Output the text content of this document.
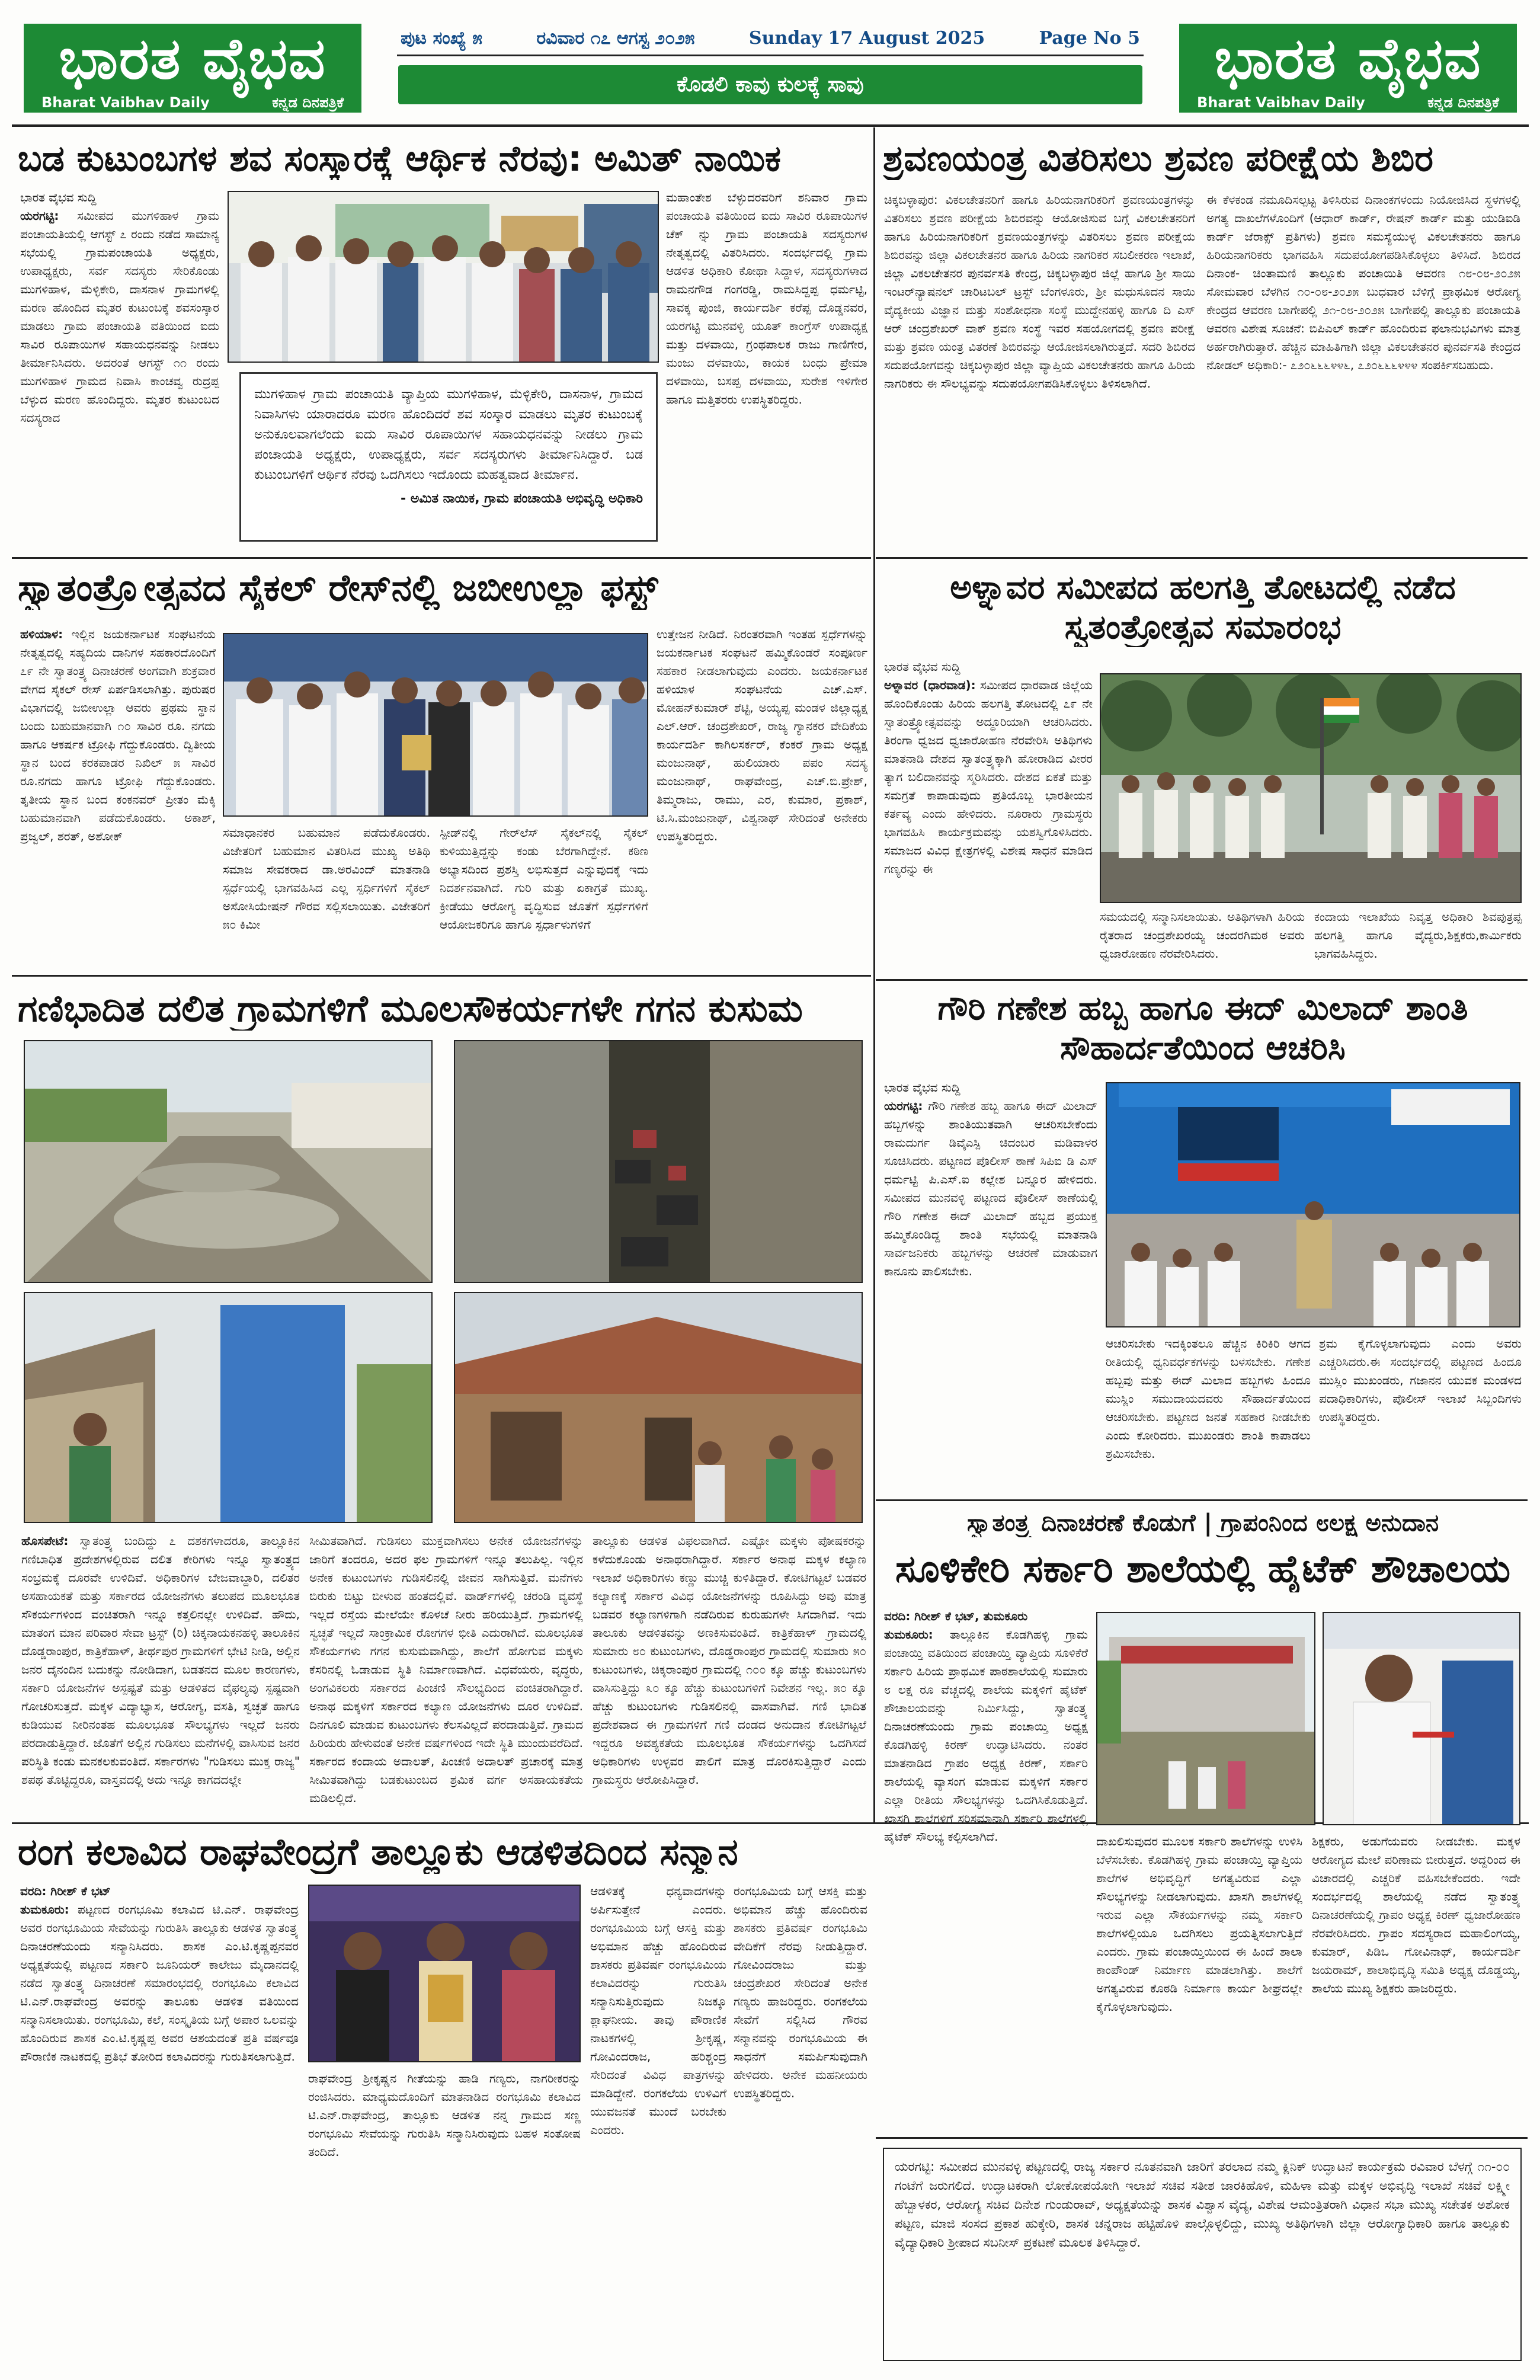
ಭಾರತ ವೈಭವ
Bharat Vaibhav Daily	ಕನ್ನಡ ದಿನಪತ್ರಿಕೆ
ಪುಟ ಸಂಖ್ಯೆ ೫	ರವಿವಾರ ೧೭ ಆಗಸ್ಟ ೨೦೨೫	Sunday 17 August 2025	Page No 5
ಕೊಡಲಿ ಕಾವು ಕುಲಕ್ಕೆ ಸಾವು	ಭಾರತ ವೈಭವ
Bharat Vaibhav Daily	ಕನ್ನಡ ದಿನಪತ್ರಿಕೆ
ಬಡ ಕುಟುಂಬಗಳ ಶವ ಸಂಸ್ಕಾರಕ್ಕೆ ಆರ್ಥಿಕ ನೆರವು: ಅಮಿತ್ ನಾಯಿಕ
ಭಾರತ ವೈಭವ ಸುದ್ದಿ
ಯರಗಟ್ಟಿ: ಸಮೀಪದ ಮುಗಳಿಹಾಳ ಗ್ರಾಮ ಪಂಚಾಯತಿಯಲ್ಲಿ ಆಗಸ್ಟ್ ೭ ರಂದು ನಡೆದ ಸಾಮಾನ್ಯ ಸಭೆಯಲ್ಲಿ ಗ್ರಾಮಪಂಚಾಯತಿ ಅಧ್ಯಕ್ಷರು, ಉಪಾಧ್ಯಕ್ಷರು, ಸರ್ವ ಸದಸ್ಯರು ಸೇರಿಕೊಂಡು ಮುಗಳಿಹಾಳ, ಮೆಳ್ಳಿಕೇರಿ, ದಾಸನಾಳ ಗ್ರಾಮಗಳಲ್ಲಿ ಮರಣ ಹೊಂದಿದ ಮೃತರ ಕುಟುಂಬಕ್ಕೆ ಶವಸಂಸ್ಕಾರ ಮಾಡಲು ಗ್ರಾಮ ಪಂಚಾಯತಿ ವತಿಯಿಂದ ಐದು ಸಾವಿರ ರೂಪಾಯಿಗಳ ಸಹಾಯಧನವನ್ನು ನೀಡಲು ತೀರ್ಮಾನಿಸಿದರು. ಅದರಂತೆ ಆಗಸ್ಟ್ ೧೧ ರಂದು ಮುಗಳಿಹಾಳ ಗ್ರಾಮದ ನಿವಾಸಿ ಕಾಂಚವ್ವ ರುದ್ರಪ್ಪ ಬೆಳ್ಳುದ ಮರಣ ಹೊಂದಿದ್ದರು. ಮೃತರ ಕುಟುಂಬದ ಸದಸ್ಯರಾದ
ಮುಗಳಿಹಾಳ ಗ್ರಾಮ ಪಂಚಾಯತಿ ವ್ಯಾಪ್ತಿಯ ಮುಗಳಿಹಾಳ, ಮೆಳ್ಳಿಕೇರಿ, ದಾಸನಾಳ, ಗ್ರಾಮದ ನಿವಾಸಿಗಳು ಯಾರಾದರೂ ಮರಣ ಹೊಂದಿದರೆ ಶವ ಸಂಸ್ಕಾರ ಮಾಡಲು ಮೃತರ ಕುಟುಂಬಕ್ಕೆ ಅನುಕೂಲವಾಗಲೆಂದು ಐದು ಸಾವಿರ ರೂಪಾಯಿಗಳ ಸಹಾಯಧನವನ್ನು ನೀಡಲು ಗ್ರಾಮ ಪಂಚಾಯತಿ ಅಧ್ಯಕ್ಷರು, ಉಪಾಧ್ಯಕ್ಷರು, ಸರ್ವ ಸದಸ್ಯರುಗಳು ತೀರ್ಮಾನಿಸಿದ್ದಾರೆ. ಬಡ ಕುಟುಂಬಗಳಿಗೆ ಆರ್ಥಿಕ ನೆರವು ಒದಗಿಸಲು ಇದೊಂದು ಮಹತ್ವವಾದ ತೀರ್ಮಾನ.
- ಅಮಿತ ನಾಯಿಕ, ಗ್ರಾಮ ಪಂಚಾಯತಿ ಅಭಿವೃದ್ಧಿ ಅಧಿಕಾರಿ
ಮಹಾಂತೇಶ ಬೆಳ್ಳುದರವರಿಗೆ ಶನಿವಾರ ಗ್ರಾಮ ಪಂಚಾಯತಿ ವತಿಯಿಂದ ಐದು ಸಾವಿರ ರೂಪಾಯಿಗಳ ಚೆಕ್ ನ್ನು ಗ್ರಾಮ ಪಂಚಾಯತಿ ಸದಸ್ಯರುಗಳ ನೇತೃತ್ವದಲ್ಲಿ ವಿತರಿಸಿದರು. ಸಂದರ್ಭದಲ್ಲಿ ಗ್ರಾಮ ಆಡಳಿತ ಅಧಿಕಾರಿ ಕೋಥಾ ಸಿದ್ದಾಳ, ಸದಸ್ಯರುಗಳಾದ ರಾಮನಗೌಡ ಗಂಗರಡ್ಡಿ, ರಾಮಸಿದ್ದಪ್ಪ ಧರ್ಮಟ್ಟಿ, ಸಾವಕ್ಕ ಪುಂಜಿ, ಕಾರ್ಯದರ್ಶಿ ಕರೆಪ್ಪ ದೊಡ್ಡನವರ, ಯರಗಟ್ಟಿ ಮುನವಳ್ಳಿ ಯೂತ್ ಕಾಂಗ್ರೆಸ್ ಉಪಾಧ್ಯಕ್ಷ ಮತ್ತು ದಳವಾಯಿ, ಗ್ರಂಥಪಾಲಕ ರಾಜು ಗಾಣಿಗೇರ, ಮಂಜು ದಳವಾಯಿ, ಕಾಯಕ ಬಂಧು ಪ್ರೇಮಾ ದಳವಾಯಿ, ಬಸಪ್ಪ ದಳವಾಯಿ, ಸುರೇಶ ಇಳಿಗೇರ ಹಾಗೂ ಮತ್ತಿತರರು ಉಪಸ್ಥಿತರಿದ್ದರು.
ಶ್ರವಣಯಂತ್ರ ವಿತರಿಸಲು ಶ್ರವಣ ಪರೀಕ್ಷೆಯ ಶಿಬಿರ
ಚಿಕ್ಕಬಳ್ಳಾಪುರ: ವಿಕಲಚೇತನರಿಗೆ ಹಾಗೂ ಹಿರಿಯನಾಗರಿಕರಿಗೆ ಶ್ರವಣಯಂತ್ರಗಳನ್ನು ವಿತರಿಸಲು ಶ್ರವಣ ಪರೀಕ್ಷೆಯ ಶಿಬಿರವನ್ನು ಆಯೋಜಿಸುವ ಬಗ್ಗೆ ವಿಕಲಚೇತನರಿಗೆ ಹಾಗೂ ಹಿರಿಯನಾಗರಿಕರಿಗೆ ಶ್ರವಣಯಂತ್ರಗಳನ್ನು ವಿತರಿಸಲು ಶ್ರವಣ ಪರೀಕ್ಷೆಯ ಶಿಬಿರವನ್ನು ಜಿಲ್ಲಾ ವಿಕಲಚೇತನರ ಹಾಗೂ ಹಿರಿಯ ನಾಗರಿಕರ ಸಬಲೀಕರಣ ಇಲಾಖೆ, ಜಿಲ್ಲಾ ವಿಕಲಚೇತನರ ಪುನರ್ವಸತಿ ಕೇಂದ್ರ, ಚಿಕ್ಕಬಳ್ಳಾಪುರ ಜಿಲ್ಲೆ ಹಾಗೂ ಶ್ರೀ ಸಾಯಿ ಇಂಟರ್‌ನ್ಯಾಷನಲ್ ಚಾರಿಟಬಲ್ ಟ್ರಸ್ಟ್ ಬೆಂಗಳೂರು, ಶ್ರೀ ಮಧುಸೂದನ ಸಾಯಿ ವೈದ್ಯಕೀಯ ವಿಜ್ಞಾನ ಮತ್ತು ಸಂಶೋಧನಾ ಸಂಸ್ಥೆ ಮುದ್ದೇನಹಳ್ಳಿ ಹಾಗೂ ದಿ ಎಸ್ ಆರ್ ಚಂದ್ರಶೇಖರ್ ವಾಕ್ ಶ್ರವಣ ಸಂಸ್ಥೆ ಇವರ ಸಹಯೋಗದಲ್ಲಿ ಶ್ರವಣ ಪರೀಕ್ಷೆ ಮತ್ತು ಶ್ರವಣ ಯಂತ್ರ ವಿತರಣೆ ಶಿಬಿರವನ್ನು ಆಯೋಜಿಸಲಾಗಿರುತ್ತದೆ. ಸದರಿ ಶಿಬಿರದ ಸದುಪಯೋಗವನ್ನು ಚಿಕ್ಕಬಳ್ಳಾಪುರ ಜಿಲ್ಲಾ ವ್ಯಾಪ್ತಿಯ ವಿಕಲಚೇತನರು ಹಾಗೂ ಹಿರಿಯ ನಾಗರಿಕರು ಈ ಸೌಲಭ್ಯವನ್ನು ಸದುಪಯೋಗಪಡಿಸಿಕೊಳ್ಳಲು ತಿಳಿಸಲಾಗಿದೆ.
ಈ ಕೆಳಕಂಡ ನಮೂದಿಸಲ್ಪಟ್ಟ ತಿಳಿಸಿರುವ ದಿನಾಂಕಗಳಂದು ನಿಯೋಜಿಸಿದ ಸ್ಥಳಗಳಲ್ಲಿ ಅಗತ್ಯ ದಾಖಲೆಗಳೊಂದಿಗೆ (ಆಧಾರ್ ಕಾರ್ಡ್, ರೇಷನ್ ಕಾರ್ಡ್ ಮತ್ತು ಯುಡಿಐಡಿ ಕಾರ್ಡ್ ಜೆರಾಕ್ಸ್ ಪ್ರತಿಗಳು) ಶ್ರವಣ ಸಮಸ್ಯೆಯುಳ್ಳ ವಿಕಲಚೇತನರು ಹಾಗೂ ಹಿರಿಯನಾಗರಿಕರು ಭಾಗವಹಿಸಿ ಸದುಪಯೋಗಪಡಿಸಿಕೊಳ್ಳಲು ತಿಳಿಸಿದೆ. ಶಿಬಿರದ ದಿನಾಂಕ- ಚಿಂತಾಮಣಿ ತಾಲ್ಲೂಕು ಪಂಚಾಯಿತಿ ಆವರಣ ೧೮-೦೮-೨೦೨೫ ಸೋಮವಾರ ಬೆಳಗಿನ ೧೦-೦೮-೨೦೨೫ ಬುಧವಾರ ಬೆಳಿಗ್ಗೆ ಪ್ರಾಥಮಿಕ ಆರೋಗ್ಯ ಕೇಂದ್ರದ ಆವರಣ ಬಾಗೇಪಲ್ಲಿ ೨೧-೦೮-೨೦೨೫ ಬಾಗೇಪಲ್ಲಿ ತಾಲ್ಲೂಕು ಪಂಚಾಯತಿ ಆವರಣ ವಿಶೇಷ ಸೂಚನೆ: ಬಿಪಿಎಲ್ ಕಾರ್ಡ್ ಹೊಂದಿರುವ ಫಲಾನುಭವಿಗಳು ಮಾತ್ರ ಅರ್ಹರಾಗಿರುತ್ತಾರೆ. ಹೆಚ್ಚಿನ ಮಾಹಿತಿಗಾಗಿ ಜಿಲ್ಲಾ ವಿಕಲಚೇತನರ ಪುನರ್ವಸತಿ ಕೇಂದ್ರದ ನೋಡಲ್ ಅಧಿಕಾರಿ:- ೭೨೦೬೬೬೪೪೬, ೭೨೦೬೬೬೪೪೪ ಸಂಪರ್ಕಿಸಬಹುದು.
ಸ್ವಾತಂತ್ರ್ಯೋತ್ಸವದ ಸೈಕಲ್ ರೇಸ್‌ನಲ್ಲಿ ಜಬೀಉಲ್ಲಾ ಫಸ್ಟ್
ಹಳಿಯಾಳ: ಇಲ್ಲಿನ ಜಯಕರ್ನಾಟಕ ಸಂಘಟನೆಯ ನೇತೃತ್ವದಲ್ಲಿ ಸಹ್ಯದಿಯ ದಾನಿಗಳ ಸಹಕಾರದೊಂದಿಗೆ ೭೯ ನೇ ಸ್ವಾತಂತ್ರ್ಯ ದಿನಾಚರಣೆ ಅಂಗವಾಗಿ ಶುಕ್ರವಾರ ವೇಗದ ಸೈಕಲ್ ರೇಸ್ ಏರ್ಪಡಿಸಲಾಗಿತ್ತು. ಪುರುಷರ ವಿಭಾಗದಲ್ಲಿ ಜಬೀಉಲ್ಲಾ ಆವರು ಪ್ರಥಮ ಸ್ಥಾನ ಬಂದು ಬಹುಮಾನವಾಗಿ ೧೦ ಸಾವಿರ ರೂ. ನಗದು ಹಾಗೂ ಆಕರ್ಷಕ ಟ್ರೋಫಿ ಗೆದ್ದುಕೊಂಡರು. ದ್ವಿತೀಯ ಸ್ಥಾನ ಬಂದ ಕರಕಪಾಡರ ನಿಖಿಲ್ ೫ ಸಾವಿರ ರೂ.ನಗದು ಹಾಗೂ ಟ್ರೋಫಿ ಗೆದ್ದುಕೊಂಡರು. ತೃತೀಯ ಸ್ಥಾನ ಬಂದ ಕಂಕನವರ್ ಪ್ರೀತಂ ಮೆಕ್ಕಿ ಬಹುಮಾನವಾಗಿ ಪಡೆದುಕೊಂಡರು. ಅಕಾಶ್, ಪ್ರಜ್ವಲ್, ಶರತ್, ಅಶೋಕ್	ಸಮಾಧಾನಕರ ಬಹುಮಾನ ಪಡೆದುಕೊಂಡರು. ವಿಜೇತರಿಗೆ ಬಹುಮಾನ ವಿತರಿಸಿದ ಮುಖ್ಯ ಅತಿಥಿ ಸಮಾಜ ಸೇವಕರಾದ ಡಾ.ಅರವಿಂದ್ ಮಾತನಾಡಿ ಸ್ಪರ್ಧೆಯಲ್ಲಿ ಭಾಗವಹಿಸಿದ ಎಲ್ಲ ಸ್ಪರ್ಧಿಗಳಿಗೆ ಸೈಕಲ್ ಅಸೋಸಿಯೇಷನ್ ಗೌರವ ಸಲ್ಲಿಸಲಾಯಿತು. ವಿಜೇತರಿಗೆ ೫೦ ಕಿಮೀ
ಸ್ಪೀಡ್‌ನಲ್ಲಿ ಗೇರ್‌ಲೆಸ್ ಸೈಕಲ್‌ನಲ್ಲಿ ಸೈಕಲ್ ಕುಳಿಯುತ್ತಿದ್ದನ್ನು ಕಂಡು ಬೆರಗಾಗಿದ್ದೇನೆ. ಕಠಿಣ ಅಭ್ಯಾಸದಿಂದ ಪ್ರಶಸ್ತಿ ಲಭಿಸುತ್ತದೆ ಎನ್ನುವುದಕ್ಕೆ ಇದು ನಿದರ್ಶನವಾಗಿದೆ. ಗುರಿ ಮತ್ತು ಏಕಾಗ್ರತೆ ಮುಖ್ಯ. ಕ್ರೀಡೆಯು ಆರೋಗ್ಯ ವೃದ್ಧಿಸುವ ಜೊತೆಗೆ ಸ್ಪರ್ಧೆಗಳಿಗೆ ಆಯೋಜಕರಿಗೂ ಹಾಗೂ ಸ್ಪರ್ಧಾಳುಗಳಿಗೆ
ಉತ್ತೇಜನ ನೀಡಿದೆ. ನಿರಂತರವಾಗಿ ಇಂತಹ ಸ್ಪರ್ಧೆಗಳನ್ನು ಜಯಕರ್ನಾಟಕ ಸಂಘಟನೆ ಹಮ್ಮಿಕೊಂಡರೆ ಸಂಪೂರ್ಣ ಸಹಕಾರ ನೀಡಲಾಗುವುದು ಎಂದರು. ಜಯಕರ್ನಾಟಕ ಹಳಿಯಾಳ ಸಂಘಟನೆಯ ಎಚ್.ಎಸ್. ಮೋಹನ್‌ಕುಮಾರ್ ಶೆಟ್ಟಿ, ಅಯ್ಯಪ್ಪ ಮಂಡಳ ಜಿಲ್ಲಾಧ್ಯಕ್ಷ ಎಲ್.ಆರ್. ಚಂದ್ರಶೇಖರ್, ರಾಜ್ಯ ಗ್ಯಾನಕರ ವೇದಿಕೆಯ ಕಾರ್ಯದರ್ಶಿ ಕಾಗಿಲಸರ್ಕರ್, ಕೆಂಕರೆ ಗ್ರಾಮ ಅಧ್ಯಕ್ಷ ಮಂಜುನಾಥ್, ಹುಲಿಯಾರು ಪಪಂ ಸದಸ್ಯ ಮಂಜುನಾಥ್, ರಾಘವೇಂದ್ರ, ಎಚ್.ಬಿ.ಪ್ರೇಶ್, ತಿಮ್ಮರಾಜು, ರಾಮು, ಎರ, ಕುಮಾರ, ಪ್ರಕಾಶ್, ಟಿ.ಸಿ.ಮಂಜುನಾಥ್, ವಿಶ್ವನಾಥ್ ಸೇರಿದಂತೆ ಅನೇಕರು ಉಪಸ್ಥಿತರಿದ್ದರು.
ಅಳ್ನಾವರ ಸಮೀಪದ ಹಲಗತ್ತಿ ತೋಟದಲ್ಲಿ ನಡೆದ ಸ್ವತಂತ್ರೋತ್ಸವ ಸಮಾರಂಭ
ಭಾರತ ವೈಭವ ಸುದ್ದಿ
ಅಳ್ನಾವರ (ಧಾರವಾಡ): ಸಮೀಪದ ಧಾರವಾಡ ಜಿಲ್ಲೆಯ ಹೊಂದಿಕೊಂಡು ಹಿರಿಯ ಹಲಗತ್ತಿ ತೋಟದಲ್ಲಿ ೭೯ ನೇ ಸ್ವಾತಂತ್ರ್ಯೋತ್ಸವವನ್ನು ಅದ್ಧೂರಿಯಾಗಿ ಆಚರಿಸಿದರು. ತಿರಂಗಾ ಧ್ವಜದ ಧ್ವಜಾರೋಹಣ ನೆರವೇರಿಸಿ ಅತಿಥಿಗಳು ಮಾತನಾಡಿ ದೇಶದ ಸ್ವಾತಂತ್ರ್ಯಕ್ಕಾಗಿ ಹೋರಾಡಿದ ವೀರರ ತ್ಯಾಗ ಬಲಿದಾನವನ್ನು ಸ್ಮರಿಸಿದರು. ದೇಶದ ಏಕತೆ ಮತ್ತು ಸಮಗ್ರತೆ ಕಾಪಾಡುವುದು ಪ್ರತಿಯೊಬ್ಬ ಭಾರತೀಯನ ಕರ್ತವ್ಯ ಎಂದು ಹೇಳಿದರು. ನೂರಾರು ಗ್ರಾಮಸ್ಥರು ಭಾಗವಹಿಸಿ ಕಾರ್ಯಕ್ರಮವನ್ನು ಯಶಸ್ವಿಗೊಳಿಸಿದರು. ಸಮಾಜದ ವಿವಿಧ ಕ್ಷೇತ್ರಗಳಲ್ಲಿ ವಿಶೇಷ ಸಾಧನೆ ಮಾಡಿದ ಗಣ್ಯರನ್ನು ಈ
ಸಮಯದಲ್ಲಿ ಸನ್ಮಾನಿಸಲಾಯಿತು. ಅತಿಥಿಗಳಾಗಿ ಹಿರಿಯ ರೈತರಾದ ಚಂದ್ರಶೇಖರಯ್ಯ ಚಂದರಗಿಮಠ ಅವರು ಧ್ವಜಾರೋಹಣ ನೆರವೇರಿಸಿದರು.
ಕಂದಾಯ ಇಲಾಖೆಯ ನಿವೃತ್ತ ಅಧಿಕಾರಿ ಶಿವಪುತ್ರಪ್ಪ ಹಲಗತ್ತಿ ಹಾಗೂ ವೈದ್ಯರು,ಶಿಕ್ಷಕರು,ಕಾರ್ಮಿಕರು ಭಾಗವಹಿಸಿದ್ದರು.
ಗಣಿಭಾದಿತ ದಲಿತ ಗ್ರಾಮಗಳಿಗೆ ಮೂಲಸೌಕರ್ಯಗಳೇ ಗಗನ ಕುಸುಮ
ಹೊಸಪೇಟೆ: ಸ್ವಾತಂತ್ರ್ಯ ಬಂದಿದ್ದು ೭ ದಶಕಗಳಾದರೂ, ತಾಲ್ಲೂಕಿನ ಗಣಿಬಾಧಿತ ಪ್ರದೇಶಗಳಲ್ಲಿರುವ ದಲಿತ ಕೇರಿಗಳು ಇನ್ನೂ ಸ್ವಾತಂತ್ರ್ಯದ ಸಂಭ್ರಮಕ್ಕೆ ದೂರವೇ ಉಳಿದಿವೆ. ಅಧಿಕಾರಿಗಳ ಬೇಜವಾಬ್ದಾರಿ, ದಲಿತರ ಅಸಹಾಯಕತೆ ಮತ್ತು ಸರ್ಕಾರದ ಯೋಜನೆಗಳು ತಲುಪದ ಮೂಲಭೂತ ಸೌಕರ್ಯಗಳಿಂದ ವಂಚಿತರಾಗಿ ಇನ್ನೂ ಕತ್ತಲಿನಲ್ಲೇ ಉಳಿದಿವೆ. ಹೌದು, ಮಾತಂಗ ಮಾನ ಪರಿವಾರ ಸೇವಾ ಟ್ರಸ್ಟ್ (ರಿ) ಚಿಕ್ಕನಾಯಕನಹಳ್ಳಿ ತಾಲೂಕಿನ ದೊಡ್ಡರಾಂಪುರ, ಕಾತ್ರಿಕೆಹಾಳ್, ತೀರ್ಥಪುರ ಗ್ರಾಮಗಳಿಗೆ ಭೇಟಿ ನೀಡಿ, ಅಲ್ಲಿನ ಜನರ ದೈನಂದಿನ ಬದುಕನ್ನು ನೋಡಿದಾಗ, ಬಡತನದ ಮೂಲ ಕಾರಣಗಳು, ಸರ್ಕಾರಿ ಯೋಜನೆಗಳ ಅಸ್ಪಷ್ಟತೆ ಮತ್ತು ಆಡಳಿತದ ವೈಫಲ್ಯವು ಸ್ಪಷ್ಟವಾಗಿ ಗೋಚರಿಸುತ್ತದೆ. ಮಕ್ಕಳ ವಿದ್ಯಾಭ್ಯಾಸ, ಆರೋಗ್ಯ, ವಸತಿ, ಸ್ವಚ್ಛತೆ ಹಾಗೂ ಕುಡಿಯುವ ನೀರಿನಂತಹ ಮೂಲಭೂತ ಸೌಲಭ್ಯಗಳು ಇಲ್ಲದೆ ಜನರು ಪರದಾಡುತ್ತಿದ್ದಾರೆ. ಜೊತೆಗೆ ಅಲ್ಲಿನ ಗುಡಿಸಲು ಮನೆಗಳಲ್ಲಿ ವಾಸಿಸುವ ಜನರ ಪರಿಸ್ಥಿತಿ ಕಂಡು ಮನಕಲಕುವಂತಿದೆ. ಸರ್ಕಾರಗಳು "ಗುಡಿಸಲು ಮುಕ್ತ ರಾಜ್ಯ" ಶಪಥ ತೊಟ್ಟಿದ್ದರೂ, ವಾಸ್ತವದಲ್ಲಿ ಅದು ಇನ್ನೂ ಕಾಗದದಲ್ಲೇ
ಸೀಮಿತವಾಗಿದೆ. ಗುಡಿಸಲು ಮುಕ್ತವಾಗಿಸಲು ಅನೇಕ ಯೋಜನೆಗಳನ್ನು ಜಾರಿಗೆ ತಂದರೂ, ಅದರ ಫಲ ಗ್ರಾಮಗಳಿಗೆ ಇನ್ನೂ ತಲುಪಿಲ್ಲ. ಇಲ್ಲಿನ ಅನೇಕ ಕುಟುಂಬಗಳು ಗುಡಿಸಲಿನಲ್ಲಿ ಜೀವನ ಸಾಗಿಸುತ್ತಿವೆ. ಮನೆಗಳು ಬಿರುಕು ಬಿಟ್ಟು ಬೀಳುವ ಹಂತದಲ್ಲಿವೆ. ವಾರ್ಡ್‌ಗಳಲ್ಲಿ ಚರಂಡಿ ವ್ಯವಸ್ಥೆ ಇಲ್ಲದೆ ರಸ್ತೆಯ ಮೇಲೆಯೇ ಕೊಳಚೆ ನೀರು ಹರಿಯುತ್ತಿದೆ. ಗ್ರಾಮಗಳಲ್ಲಿ ಸ್ವಚ್ಛತೆ ಇಲ್ಲದೆ ಸಾಂಕ್ರಾಮಿಕ ರೋಗಗಳ ಭೀತಿ ಎದುರಾಗಿದೆ. ಮೂಲಭೂತ ಸೌಕರ್ಯಗಳು ಗಗನ ಕುಸುಮವಾಗಿದ್ದು, ಶಾಲೆಗೆ ಹೋಗುವ ಮಕ್ಕಳು ಕೆಸರಿನಲ್ಲಿ ಓಡಾಡುವ ಸ್ಥಿತಿ ನಿರ್ಮಾಣವಾಗಿದೆ. ವಿಧವೆಯರು, ವೃದ್ಧರು, ಅಂಗವಿಕಲರು ಸರ್ಕಾರದ ಪಿಂಚಣಿ ಸೌಲಭ್ಯದಿಂದ ವಂಚಿತರಾಗಿದ್ದಾರೆ. ಅನಾಥ ಮಕ್ಕಳಿಗೆ ಸರ್ಕಾರದ ಕಲ್ಯಾಣ ಯೋಜನೆಗಳು ದೂರ ಉಳಿದಿವೆ. ದಿನಗೂಲಿ ಮಾಡುವ ಕುಟುಂಬಗಳು ಕೆಲಸವಿಲ್ಲದೆ ಪರದಾಡುತ್ತಿವೆ. ಗ್ರಾಮದ ಹಿರಿಯರು ಹೇಳುವಂತೆ ಅನೇಕ ವರ್ಷಗಳಿಂದ ಇದೇ ಸ್ಥಿತಿ ಮುಂದುವರೆದಿದೆ. ಸರ್ಕಾರದ ಕಂದಾಯ ಅದಾಲತ್, ಪಿಂಚಣಿ ಅದಾಲತ್ ಪ್ರಚಾರಕ್ಕೆ ಮಾತ್ರ ಸೀಮಿತವಾಗಿದ್ದು ಬಡಕುಟುಂಬದ ಶ್ರಮಿಕ ವರ್ಗ ಅಸಹಾಯಕತೆಯ ಮಡಿಲಲ್ಲಿದೆ.
ತಾಲ್ಲೂಕು ಆಡಳಿತ ವಿಫಲವಾಗಿದೆ. ಎಷ್ಟೋ ಮಕ್ಕಳು ಪೋಷಕರನ್ನು ಕಳೆದುಕೊಂಡು ಅನಾಥರಾಗಿದ್ದಾರೆ. ಸರ್ಕಾರ ಅನಾಥ ಮಕ್ಕಳ ಕಲ್ಯಾಣ ಇಲಾಖೆ ಅಧಿಕಾರಿಗಳು ಕಣ್ಣು ಮುಚ್ಚಿ ಕುಳಿತಿದ್ದಾರೆ. ಕೋಟಿಗಟ್ಟಲೆ ಬಡವರ ಕಲ್ಯಾಣಕ್ಕೆ ಸರ್ಕಾರ ವಿವಿಧ ಯೋಜನೆಗಳನ್ನು ರೂಪಿಸಿದ್ದು ಅವು ಮಾತ್ರ ಬಡವರ ಕಲ್ಯಾಣಗಳಿಗಾಗಿ ನಡೆದಿರುವ ಕುರುಹುಗಳೇ ಸಿಗದಾಗಿವೆ. ಇದು ತಾಲೂಕು ಆಡಳಿತವನ್ನು ಅಣಕಿಸುವಂತಿದೆ. ಕಾತ್ರಿಕೆಹಾಳ್ ಗ್ರಾಮದಲ್ಲಿ ಸುಮಾರು ೮೦ ಕುಟುಂಬಗಳು, ದೊಡ್ಡರಾಂಪುರ ಗ್ರಾಮದಲ್ಲಿ ಸುಮಾರು ೫೦ ಕುಟುಂಬಗಳು, ಚಿಕ್ಕರಾಂಪುರ ಗ್ರಾಮದಲ್ಲಿ ೧೦೦ ಕ್ಕೂ ಹೆಚ್ಚು ಕುಟುಂಬಗಳು ವಾಸಿಸುತ್ತಿದ್ದು ೩೦ ಕ್ಕೂ ಹೆಚ್ಚು ಕುಟುಂಬಗಳಿಗೆ ನಿವೇಶನ ಇಲ್ಲ. ೫೦ ಕ್ಕೂ ಹೆಚ್ಚು ಕುಟುಂಬಗಳು ಗುಡಿಸಲಿನಲ್ಲಿ ವಾಸವಾಗಿವೆ. ಗಣಿ ಭಾದಿತ ಪ್ರದೇಶವಾದ ಈ ಗ್ರಾಮಗಳಿಗೆ ಗಣಿ ದಂಡದ ಅನುದಾನ ಕೋಟಿಗಟ್ಟಲೆ ಇದ್ದರೂ ಅವಶ್ಯಕತೆಯ ಮೂಲಭೂತ ಸೌಕರ್ಯಗಳನ್ನು ಒದಗಿಸದೆ ಅಧಿಕಾರಿಗಳು ಉಳ್ಳವರ ಪಾಲಿಗೆ ಮಾತ್ರ ದೊರಕಿಸುತ್ತಿದ್ದಾರೆ ಎಂದು ಗ್ರಾಮಸ್ಥರು ಆರೋಪಿಸಿದ್ದಾರೆ.
ಗೌರಿ ಗಣೇಶ ಹಬ್ಬ ಹಾಗೂ ಈದ್ ಮಿಲಾದ್ ಶಾಂತಿ ಸೌಹಾರ್ದತೆಯಿಂದ ಆಚರಿಸಿ
ಭಾರತ ವೈಭವ ಸುದ್ದಿ
ಯರಗಟ್ಟಿ: ಗೌರಿ ಗಣೇಶ ಹಬ್ಬ ಹಾಗೂ ಈದ್ ಮಿಲಾದ್ ಹಬ್ಬಗಳನ್ನು ಶಾಂತಿಯುತವಾಗಿ ಆಚರಿಸಬೇಕೆಂದು ರಾಮದುರ್ಗ ಡಿವೈಎಸ್ಪಿ ಚಿದಂಬರ ಮಡಿವಾಳರ ಸೂಚಿಸಿದರು. ಪಟ್ಟಣದ ಪೊಲೀಸ್ ಠಾಣೆ ಸಿಪಿಐ ಡಿ ಎಸ್ ಧರ್ಮಟ್ಟಿ ಪಿ.ಎಸ್.ಐ ಕಲ್ಲೇಶ ಬನ್ನೂರ ಹೇಳಿದರು. ಸಮೀಪದ ಮುನವಳ್ಳಿ ಪಟ್ಟಣದ ಪೊಲೀಸ್ ಠಾಣೆಯಲ್ಲಿ ಗೌರಿ ಗಣೇಶ ಈದ್ ಮಿಲಾದ್ ಹಬ್ಬದ ಪ್ರಯುಕ್ತ ಹಮ್ಮಿಕೊಂಡಿದ್ದ ಶಾಂತಿ ಸಭೆಯಲ್ಲಿ ಮಾತನಾಡಿ ಸಾರ್ವಜನಿಕರು ಹಬ್ಬಗಳನ್ನು ಆಚರಣೆ ಮಾಡುವಾಗ ಕಾನೂನು ಪಾಲಿಸಬೇಕು.
ಆಚರಿಸಬೇಕು ಇದಕ್ಕಿಂತಲೂ ಹೆಚ್ಚಿನ ಕಿರಿಕಿರಿ ಆಗದ ರೀತಿಯಲ್ಲಿ ಧ್ವನಿವರ್ಧಕಗಳನ್ನು ಬಳಸಬೇಕು. ಗಣೇಶ ಹಬ್ಬವು ಮತ್ತು ಈದ್ ಮಿಲಾದ ಹಬ್ಬಗಳು ಹಿಂದೂ ಮುಸ್ಲಿಂ ಸಮುದಾಯದವರು ಸೌಹಾರ್ದತೆಯಿಂದ ಆಚರಿಸಬೇಕು. ಪಟ್ಟಣದ ಜನತೆ ಸಹಕಾರ ನೀಡಬೇಕು ಎಂದು ಕೋರಿದರು. ಮುಖಂಡರು ಶಾಂತಿ ಕಾಪಾಡಲು ಶ್ರಮಿಸಬೇಕು.
ಶ್ರಮ ಕೈಗೊಳ್ಳಲಾಗುವುದು ಎಂದು ಅವರು ಎಚ್ಚರಿಸಿದರು.ಈ ಸಂದರ್ಭದಲ್ಲಿ ಪಟ್ಟಣದ ಹಿಂದೂ ಮುಸ್ಲಿಂ ಮುಖಂಡರು, ಗಜಾನನ ಯುವಕ ಮಂಡಳದ ಪದಾಧಿಕಾರಿಗಳು, ಪೊಲೀಸ್ ಇಲಾಖೆ ಸಿಬ್ಬಂದಿಗಳು ಉಪಸ್ಥಿತರಿದ್ದರು.
ಸ್ವಾತಂತ್ರ್ಯ ದಿನಾಚರಣೆ ಕೊಡುಗೆ | ಗ್ರಾಪಂನಿಂದ ೮ಲಕ್ಷ ಅನುದಾನ
ಸೂಳಿಕೇರಿ ಸರ್ಕಾರಿ ಶಾಲೆಯಲ್ಲಿ ಹೈಟೆಕ್ ಶೌಚಾಲಯ
ವರದಿ: ಗಿರೀಶ್ ಕೆ ಭಟ್, ತುಮಕೂರು
ತುಮಕೂರು: ತಾಲ್ಲೂಕಿನ ಕೊಡಗಿಹಳ್ಳಿ ಗ್ರಾಮ ಪಂಚಾಯ್ತಿ ವತಿಯಿಂದ ಪಂಚಾಯ್ತಿ ವ್ಯಾಪ್ತಿಯ ಸೂಳಿಕೆರೆ ಸರ್ಕಾರಿ ಹಿರಿಯ ಪ್ರಾಥಮಿಕ ಪಾಠಶಾಲೆಯಲ್ಲಿ ಸುಮಾರು ೮ ಲಕ್ಷ ರೂ ವೆಚ್ಚದಲ್ಲಿ ಶಾಲೆಯ ಮಕ್ಕಳಿಗೆ ಹೈಟೆಕ್ ಶೌಚಾಲಯವನ್ನು ನಿರ್ಮಿಸಿದ್ದು, ಸ್ವಾತಂತ್ರ್ಯ ದಿನಾಚರಣೆಯಂದು ಗ್ರಾಮ ಪಂಚಾಯ್ತಿ ಅಧ್ಯಕ್ಷ ಕೊಡಗಿಹಳ್ಳಿ ಕಿರಣ್ ಉದ್ಘಾಟಿಸಿದರು. ನಂತರ ಮಾತನಾಡಿದ ಗ್ರಾಪಂ ಅಧ್ಯಕ್ಷ ಕಿರಣ್, ಸರ್ಕಾರಿ ಶಾಲೆಯಲ್ಲಿ ವ್ಯಾಸಂಗ ಮಾಡುವ ಮಕ್ಕಳಿಗೆ ಸರ್ಕಾರ ಎಲ್ಲಾ ರೀತಿಯ ಸೌಲಭ್ಯಗಳನ್ನು ಒದಗಿಸಿಕೊಡುತ್ತಿದೆ. ಖಾಸಗಿ ಶಾಲೆಗಳಿಗೆ ಸರಿಸಮಾನಾಗಿ ಸರ್ಕಾರಿ ಶಾಲೆಗಳಲ್ಲಿ ಹೈಟೆಕ್ ಸೌಲಭ್ಯ ಕಲ್ಪಿಸಲಾಗಿದೆ.	ದಾಖಲಿಸುವುದರ ಮೂಲಕ ಸರ್ಕಾರಿ ಶಾಲೆಗಳನ್ನು ಉಳಿಸಿ ಬೆಳೆಸಬೇಕು. ಕೊಡಗಿಹಳ್ಳಿ ಗ್ರಾಮ ಪಂಚಾಯ್ತಿ ವ್ಯಾಪ್ತಿಯ ಶಾಲೆಗಳ ಅಭಿವೃದ್ಧಿಗೆ ಅಗತ್ಯವಿರುವ ಎಲ್ಲಾ ಸೌಲಭ್ಯಗಳನ್ನು ನೀಡಲಾಗುವುದು. ಖಾಸಗಿ ಶಾಲೆಗಳಲ್ಲಿ ಇರುವ ಎಲ್ಲಾ ಸೌಕರ್ಯಗಳನ್ನು ನಮ್ಮ ಸರ್ಕಾರಿ ಶಾಲೆಗಳಲ್ಲಿಯೂ ಒದಗಿಸಲು ಪ್ರಯತ್ನಿಸಲಾಗುತ್ತಿದೆ ಎಂದರು. ಗ್ರಾಮ ಪಂಚಾಯ್ತಿಯಿಂದ ಈ ಹಿಂದೆ ಶಾಲಾ ಕಾಂಪೌಂಡ್ ನಿರ್ಮಾಣ ಮಾಡಲಾಗಿತ್ತು. ಶಾಲೆಗೆ ಅಗತ್ಯವಿರುವ ಕೊಠಡಿ ನಿರ್ಮಾಣ ಕಾರ್ಯ ಶೀಘ್ರದಲ್ಲೇ ಕೈಗೊಳ್ಳಲಾಗುವುದು.
ಶಿಕ್ಷಕರು, ಅಡುಗೆಯವರು ನೀಡಬೇಕು. ಮಕ್ಕಳ ಆರೋಗ್ಯದ ಮೇಲೆ ಪರಿಣಾಮ ಬೀರುತ್ತದೆ. ಅದ್ದರಿಂದ ಈ ವಿಚಾರದಲ್ಲಿ ಎಚ್ಚರಿಕೆ ವಹಿಸಬೇಕೆಂದರು. ಇದೇ ಸಂದರ್ಭದಲ್ಲಿ ಶಾಲೆಯಲ್ಲಿ ನಡೆದ ಸ್ವಾತಂತ್ರ್ಯ ದಿನಾಚರಣೆಯಲ್ಲಿ ಗ್ರಾಪಂ ಅಧ್ಯಕ್ಷ ಕಿರಣ್ ಧ್ವಜಾರೋಹಣ ನೆರವೇರಿಸಿದರು. ಗ್ರಾಪಂ ಸದಸ್ಯರಾದ ಮಹಾಲಿಂಗಯ್ಯ, ಕುಮಾರ್, ಪಿಡಿಒ ಗೋವಿನಾಥ್, ಕಾರ್ಯದರ್ಶಿ ಜಯರಾಮ್, ಶಾಲಾಭಿವೃದ್ಧಿ ಸಮಿತಿ ಅಧ್ಯಕ್ಷ ದೊಡ್ಡಯ್ಯ, ಶಾಲೆಯ ಮುಖ್ಯ ಶಿಕ್ಷಕರು ಹಾಜರಿದ್ದರು.
ರಂಗ ಕಲಾವಿದ ರಾಘವೇಂದ್ರಗೆ ತಾಲ್ಲೂಕು ಆಡಳಿತದಿಂದ ಸನ್ಮಾನ
ವರದಿ: ಗಿರೀಶ್ ಕೆ ಭಟ್
ತುಮಕೂರು: ಪಟ್ಟಣದ ರಂಗಭೂಮಿ ಕಲಾವಿದ ಟಿ.ಎನ್. ರಾಘವೇಂದ್ರ ಅವರ ರಂಗಭೂಮಿಯ ಸೇವೆಯನ್ನು ಗುರುತಿಸಿ ತಾಲ್ಲೂಕು ಆಡಳಿತ ಸ್ವಾತಂತ್ರ್ಯ ದಿನಾಚರಣೆಯಂದು ಸನ್ಮಾನಿಸಿದರು. ಶಾಸಕ ಎಂ.ಟಿ.ಕೃಷ್ಣಪ್ಪನವರ ಅಧ್ಯಕ್ಷತೆಯಲ್ಲಿ ಪಟ್ಟಣದ ಸರ್ಕಾರಿ ಜೂನಿಯರ್ ಕಾಲೇಜು ಮೈದಾನದಲ್ಲಿ ನಡೆದ ಸ್ವಾತಂತ್ರ್ಯ ದಿನಾಚರಣೆ ಸಮಾರಂಭದಲ್ಲಿ ರಂಗಭೂಮಿ ಕಲಾವಿದ ಟಿ.ಎನ್.ರಾಘವೇಂದ್ರ ಅವರನ್ನು ತಾಲೂಕು ಆಡಳಿತ ವತಿಯಿಂದ ಸನ್ಮಾನಿಸಲಾಯಿತು. ರಂಗಭೂಮಿ, ಕಲೆ, ಸಂಸ್ಕೃತಿಯ ಬಗ್ಗೆ ಅಪಾರ ಒಲವನ್ನು ಹೊಂದಿರುವ ಶಾಸಕ ಎಂ.ಟಿ.ಕೃಷ್ಣಪ್ಪ ಅವರ ಆಶಯದಂತೆ ಪ್ರತಿ ವರ್ಷವೂ ಪೌರಾಣಿಕ ನಾಟಕದಲ್ಲಿ ಪ್ರತಿಭೆ ತೋರಿದ ಕಲಾವಿದರನ್ನು ಗುರುತಿಸಲಾಗುತ್ತಿದೆ.
ರಾಘವೇಂದ್ರ ಶ್ರೀಕೃಷ್ಣನ ಗೀತೆಯನ್ನು ಹಾಡಿ ಗಣ್ಯರು, ನಾಗರೀಕರನ್ನು ರಂಜಿಸಿದರು. ಮಾಧ್ಯಮದೊಂದಿಗೆ ಮಾತನಾಡಿದ ರಂಗಭೂಮಿ ಕಲಾವಿದ ಟಿ.ಎನ್.ರಾಘವೇಂದ್ರ, ತಾಲ್ಲೂಕು ಆಡಳಿತ ನನ್ನ ಗ್ರಾಮದ ಸಣ್ಣ ರಂಗಭೂಮಿ ಸೇವೆಯನ್ನು ಗುರುತಿಸಿ ಸನ್ಮಾನಿಸಿರುವುದು ಬಹಳ ಸಂತೋಷ ತಂದಿದೆ.
ಆಡಳಿತಕ್ಕೆ ಧನ್ಯವಾದಗಳನ್ನು ಅರ್ಪಿಸುತ್ತೇನೆ ಎಂದರು. ರಂಗಭೂಮಿಯ ಬಗ್ಗೆ ಆಸಕ್ತಿ ಮತ್ತು ಅಭಿಮಾನ ಹೆಚ್ಚು ಹೊಂದಿರುವ ಶಾಸಕರು ಪ್ರತಿವರ್ಷ ರಂಗಭೂಮಿಯ ಕಲಾವಿದರನ್ನು ಗುರುತಿಸಿ ಸನ್ಮಾನಿಸುತ್ತಿರುವುದು ನಿಜಕ್ಕೂ ಶ್ಲಾಘನೀಯ. ತಾವು ಪೌರಾಣಿಕ ನಾಟಕಗಳಲ್ಲಿ ಶ್ರೀಕೃಷ್ಣ, ಗೋವಿಂದರಾಜ, ಹರಿಶ್ಚಂದ್ರ ಸೇರಿದಂತೆ ವಿವಿಧ ಪಾತ್ರಗಳನ್ನು ಮಾಡಿದ್ದೇನೆ. ರಂಗಕಲೆಯ ಉಳಿವಿಗೆ ಯುವಜನತೆ ಮುಂದೆ ಬರಬೇಕು ಎಂದರು.
ರಂಗಭೂಮಿಯ ಬಗ್ಗೆ ಆಸಕ್ತಿ ಮತ್ತು ಅಭಿಮಾನ ಹೆಚ್ಚು ಹೊಂದಿರುವ ಶಾಸಕರು ಪ್ರತಿವರ್ಷ ರಂಗಭೂಮಿ ವೇದಿಕೆಗೆ ನೆರವು ನೀಡುತ್ತಿದ್ದಾರೆ. ಗೋವಿಂದರಾಜು ಮತ್ತು ಚಂದ್ರಶೇಖರ ಸೇರಿದಂತೆ ಅನೇಕ ಗಣ್ಯರು ಹಾಜರಿದ್ದರು. ರಂಗಕಲೆಯ ಸೇವೆಗೆ ಸಲ್ಲಿಸಿದ ಗೌರವ ಸನ್ಮಾನವನ್ನು ರಂಗಭೂಮಿಯ ಈ ಸಾಧನೆಗೆ ಸಮರ್ಪಿಸುವುದಾಗಿ ಹೇಳಿದರು. ಅನೇಕ ಮಹನೀಯರು ಉಪಸ್ಥಿತರಿದ್ದರು.
ಯರಗಟ್ಟಿ: ಸಮೀಪದ ಮುನವಳ್ಳಿ ಪಟ್ಟಣದಲ್ಲಿ ರಾಜ್ಯ ಸರ್ಕಾರ ನೂತನವಾಗಿ ಜಾರಿಗೆ ತರಲಾದ ನಮ್ಮ ಕ್ಲಿನಿಕ್ ಉದ್ಘಾಟನೆ ಕಾರ್ಯಕ್ರಮ ರವಿವಾರ ಬೆಳಗ್ಗೆ ೧೧-೦೦ ಗಂಟೆಗೆ ಜರುಗಲಿದೆ. ಉದ್ಘಾಟಕರಾಗಿ ಲೋಕೋಪಯೋಗಿ ಇಲಾಖೆ ಸಚಿವ ಸತೀಶ ಜಾರಕಿಹೊಳಿ, ಮಹಿಳಾ ಮತ್ತು ಮಕ್ಕಳ ಅಭಿವೃದ್ಧಿ ಇಲಾಖೆ ಸಚಿವೆ ಲಕ್ಷ್ಮೀ ಹೆಬ್ಬಾಳಕರ, ಆರೋಗ್ಯ ಸಚಿವ ದಿನೇಶ ಗುಂಡುರಾವ್, ಅಧ್ಯಕ್ಷತೆಯನ್ನು ಶಾಸಕ ವಿಶ್ವಾಸ ವೈದ್ಯ, ವಿಶೇಷ ಆಮಂತ್ರಿತರಾಗಿ ವಿಧಾನ ಸಭಾ ಮುಖ್ಯ ಸಚೇತಕ ಅಶೋಕ ಪಟ್ಟಣ, ಮಾಜಿ ಸಂಸದ ಪ್ರಕಾಶ ಹುಕ್ಕೇರಿ, ಶಾಸಕ ಚನ್ನರಾಜ ಹಟ್ಟಿಹೊಳಿ ಪಾಲ್ಗೊಳ್ಳಲಿದ್ದು, ಮುಖ್ಯ ಅತಿಥಿಗಳಾಗಿ ಜಿಲ್ಲಾ ಆರೋಗ್ಯಾಧಿಕಾರಿ ಹಾಗೂ ತಾಲ್ಲೂಕು ವೈದ್ಯಾಧಿಕಾರಿ ಶ್ರೀಪಾದ ಸಬನೀಸ್ ಪ್ರಕಟಣೆ ಮೂಲಕ ತಿಳಿಸಿದ್ದಾರೆ.
